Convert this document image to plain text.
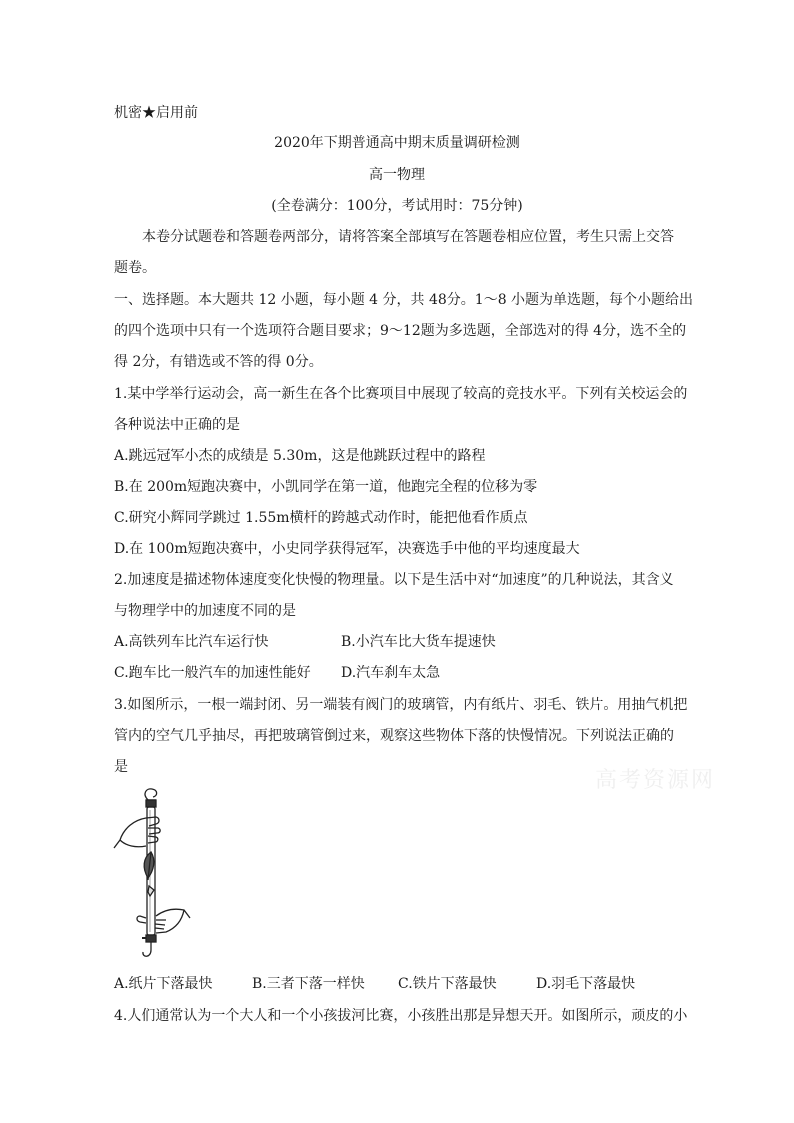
机密★启用前
2020年下期普通高中期末质量调研检测
高一物理
(全卷满分：100分，考试用时：75分钟)
本卷分试题卷和答题卷两部分，请将答案全部填写在答题卷相应位置，考生只需上交答
题卷。
一、选择题。本大题共 12 小题，每小题 4 分，共 48分。1～8 小题为单选题，每个小题给出
的四个选项中只有一个选项符合题目要求；9～12题为多选题，全部选对的得 4分，选不全的
得 2分，有错选或不答的得 0分。
1.某中学举行运动会，高一新生在各个比赛项目中展现了较高的竞技水平。下列有关校运会的
各种说法中正确的是
A.跳远冠军小杰的成绩是 5.30m，这是他跳跃过程中的路程
B.在 200m短跑决赛中，小凯同学在第一道，他跑完全程的位移为零
C.研究小辉同学跳过 1.55m横杆的跨越式动作时，能把他看作质点
D.在 100m短跑决赛中，小史同学获得冠军，决赛选手中他的平均速度最大
2.加速度是描述物体速度变化快慢的物理量。以下是生活中对“加速度”的几种说法，其含义
与物理学中的加速度不同的是
A.高铁列车比汽车运行快	B.小汽车比大货车提速快
C.跑车比一般汽车的加速性能好 D.汽车刹车太急
3.如图所示，一根一端封闭、另一端装有阀门的玻璃管，内有纸片、羽毛、铁片。用抽气机把
管内的空气几乎抽尽，再把玻璃管倒过来，观察这些物体下落的快慢情况。下列说法正确的
是
高考资源网
A.纸片下落最快	B.三者下落一样快 C.铁片下落最快	D.羽毛下落最快
4.人们通常认为一个大人和一个小孩拔河比赛，小孩胜出那是异想天开。如图所示，顽皮的小
